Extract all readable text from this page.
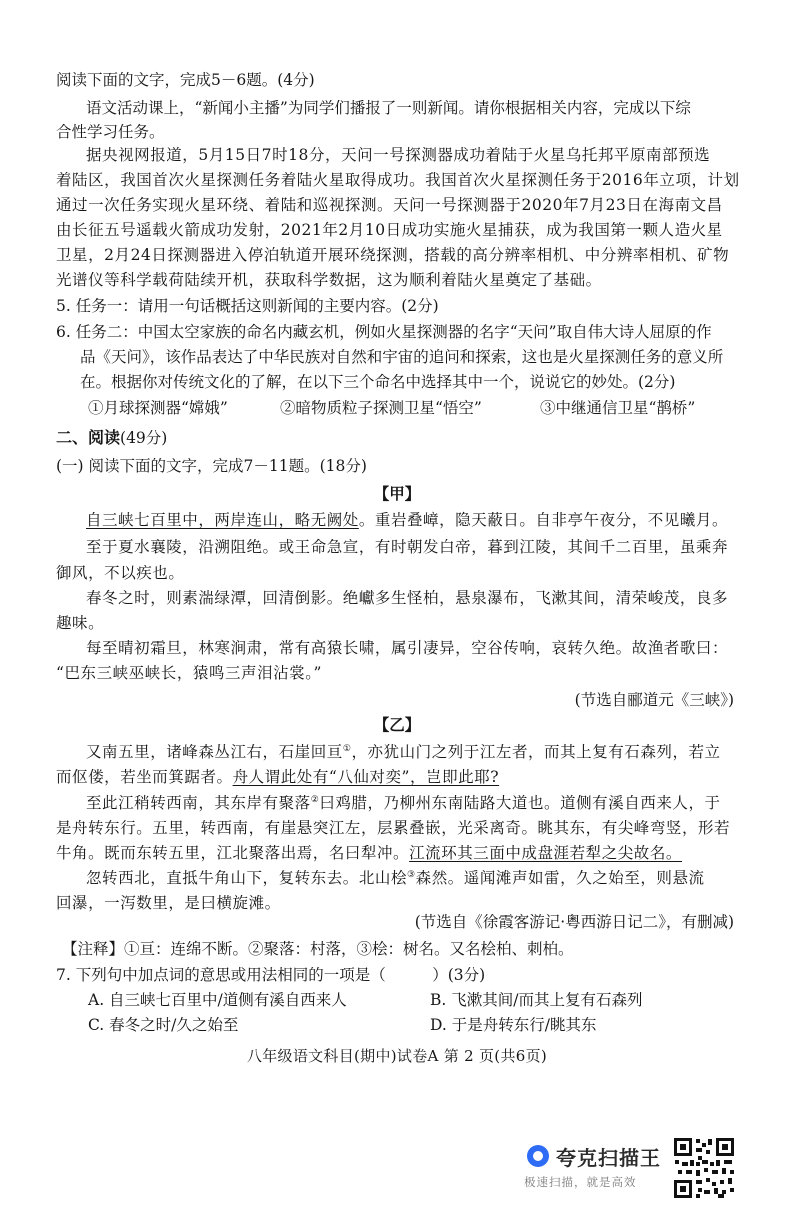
阅读下面的文字，完成5－6题。(4分)
语文活动课上，“新闻小主播”为同学们播报了一则新闻。请你根据相关内容，完成以下综
合性学习任务。
据央视网报道，5月15日7时18分，天问一号探测器成功着陆于火星乌托邦平原南部预选
着陆区，我国首次火星探测任务着陆火星取得成功。我国首次火星探测任务于2016年立项，计划
通过一次任务实现火星环绕、着陆和巡视探测。天问一号探测器于2020年7月23日在海南文昌
由长征五号遥载火箭成功发射，2021年2月10日成功实施火星捕获，成为我国第一颗人造火星
卫星，2月24日探测器进入停泊轨道开展环绕探测，搭载的高分辨率相机、中分辨率相机、矿物
光谱仪等科学载荷陆续开机，获取科学数据，这为顺利着陆火星奠定了基础。
5. 任务一：请用一句话概括这则新闻的主要内容。(2分)
6. 任务二：中国太空家族的命名内藏玄机，例如火星探测器的名字“天问”取自伟大诗人屈原的作
品《天问》，该作品表达了中华民族对自然和宇宙的追问和探索，这也是火星探测任务的意义所
在。根据你对传统文化的了解，在以下三个命名中选择其中一个，说说它的妙处。(2分)
①月球探测器“嫦娥”	②暗物质粒子探测卫星“悟空”	③中继通信卫星“鹊桥”
二、阅读(49分)
(一) 阅读下面的文字，完成7－11题。(18分)
【甲】
自三峡七百里中，两岸连山，略无阙处。重岩叠嶂，隐天蔽日。自非亭午夜分，不见曦月。
至于夏水襄陵，沿溯阻绝。或王命急宣，有时朝发白帝，暮到江陵，其间千二百里，虽乘奔
御风，不以疾也。
春冬之时，则素湍绿潭，回清倒影。绝巘多生怪柏，悬泉瀑布，飞漱其间，清荣峻茂，良多
趣味。
每至晴初霜旦，林寒涧肃，常有高猿长啸，属引凄异，空谷传响，哀转久绝。故渔者歌曰：
“巴东三峡巫峡长，猿鸣三声泪沾裳。”
(节选自郦道元《三峡》)
【乙】
又南五里，诸峰森丛江右，石崖回亘①，亦犹山门之列于江左者，而其上复有石森列，若立
而伛偻，若坐而箕踞者。舟人谓此处有“八仙对奕”，岂即此耶?
至此江稍转西南，其东岸有聚落②曰鸡腊，乃柳州东南陆路大道也。道侧有溪自西来人，于
是舟转东行。五里，转西南，有崖悬突江左，层累叠嵌，光采离奇。眺其东，有尖峰弯竖，形若
牛角。既而东转五里，江北聚落出焉，名曰犁冲。江流环其三面中成盘涯若犁之尖故名。
忽转西北，直抵牛角山下，复转东去。北山桧③森然。遥闻滩声如雷，久之始至，则悬流
回瀑，一泻数里，是曰横旋滩。
(节选自《徐霞客游记·粤西游日记二》，有删减)
【注释】①亘：连绵不断。②聚落：村落，③桧：树名。又名桧柏、刺柏。
7. 下列句中加点词的意思或用法相同的一项是（　　　）(3分)
A. 自三峡七百里中/道侧有溪自西来人	B. 飞漱其间/而其上复有石森列
C. 春冬之时/久之始至	D. 于是舟转东行/眺其东
八年级语文科目(期中)试卷A 第 2 页(共6页)
夸克扫描王
极速扫描，就是高效
